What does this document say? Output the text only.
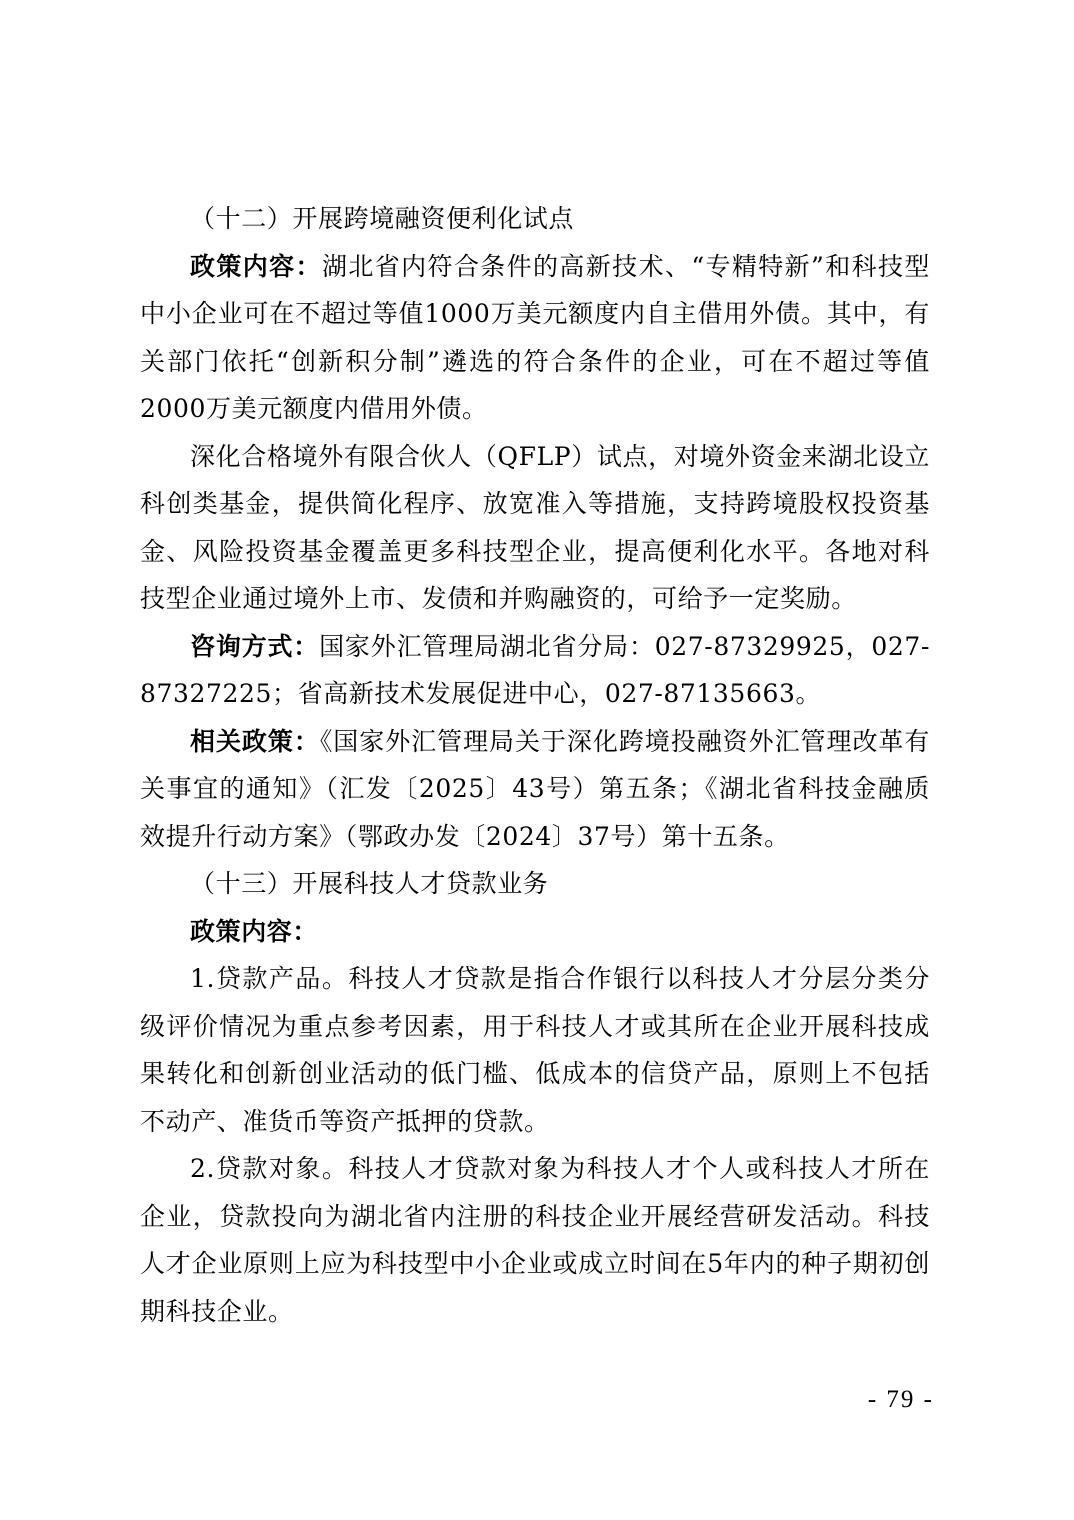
（十二）开展跨境融资便利化试点

政策内容：湖北省内符合条件的高新技术、“专精特新”和科技型中小企业可在不超过等值1000万美元额度内自主借用外债。其中，有关部门依托“创新积分制”遴选的符合条件的企业，可在不超过等值2000万美元额度内借用外债。

深化合格境外有限合伙人（QFLP）试点，对境外资金来湖北设立科创类基金，提供简化程序、放宽准入等措施，支持跨境股权投资基金、风险投资基金覆盖更多科技型企业，提高便利化水平。各地对科技型企业通过境外上市、发债和并购融资的，可给予一定奖励。

咨询方式：国家外汇管理局湖北省分局：027-87329925，027-87327225；省高新技术发展促进中心，027-87135663。

相关政策：《国家外汇管理局关于深化跨境投融资外汇管理改革有关事宜的通知》（汇发〔2025〕43号）第五条；《湖北省科技金融质效提升行动方案》（鄂政办发〔2024〕37号）第十五条。

（十三）开展科技人才贷款业务

政策内容：

1.贷款产品。科技人才贷款是指合作银行以科技人才分层分类分级评价情况为重点参考因素，用于科技人才或其所在企业开展科技成果转化和创新创业活动的低门槛、低成本的信贷产品，原则上不包括不动产、准货币等资产抵押的贷款。

2.贷款对象。科技人才贷款对象为科技人才个人或科技人才所在企业，贷款投向为湖北省内注册的科技企业开展经营研发活动。科技人才企业原则上应为科技型中小企业或成立时间在5年内的种子期初创期科技企业。

- 79 -
